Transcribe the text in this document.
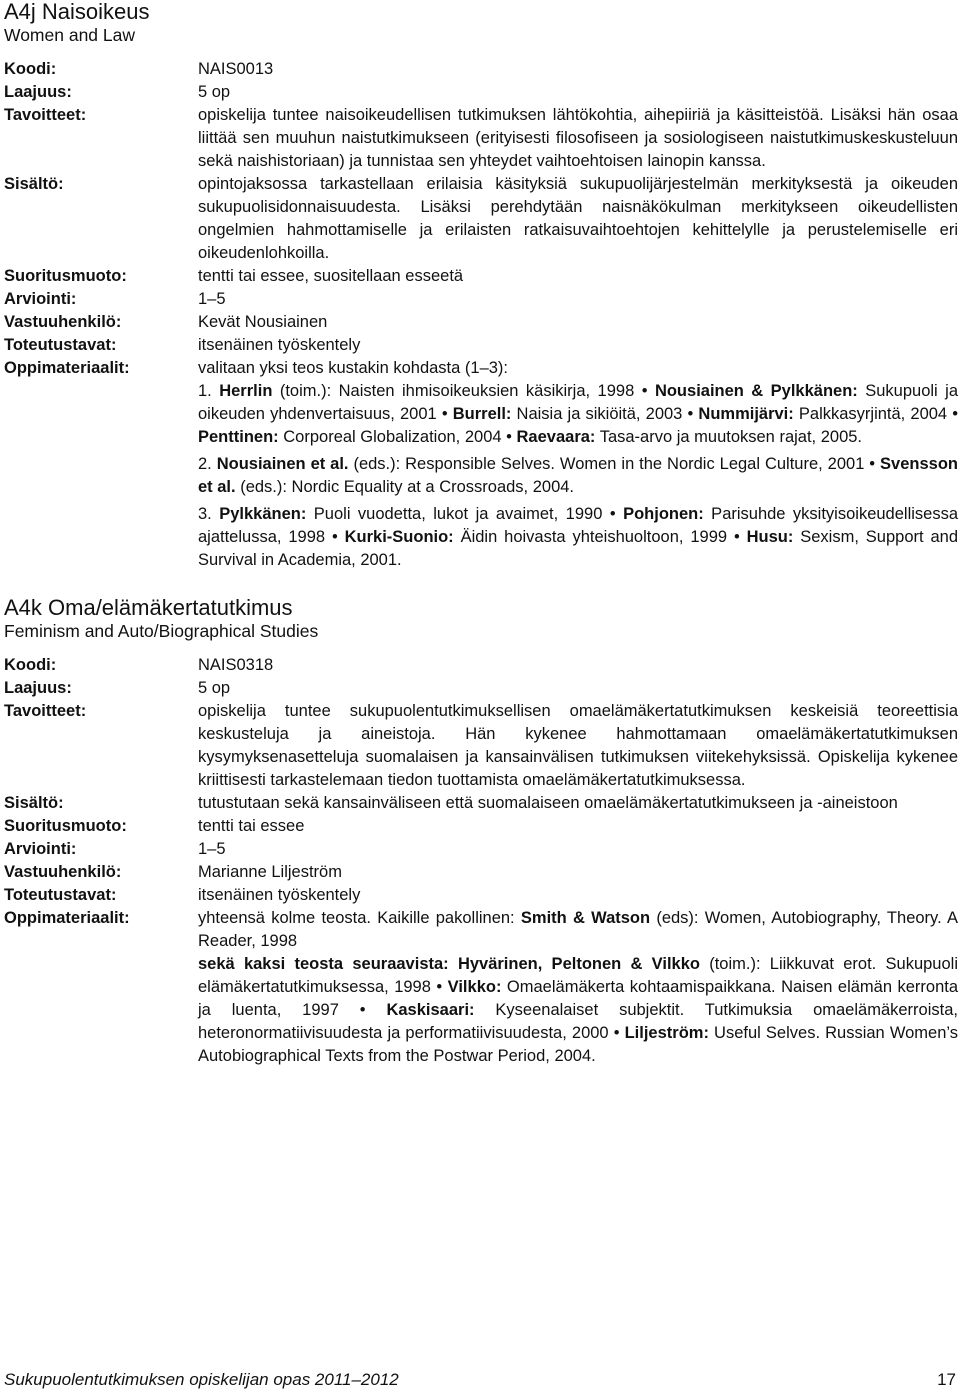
A4j Naisoikeus
Women and Law
Koodi:	NAIS0013
Laajuus:	5 op
Tavoitteet:	opiskelija tuntee naisoikeudellisen tutkimuksen lähtökohtia, aihepiiriä ja käsitteistöä. Lisäksi hän osaa liittää sen muuhun naistutkimukseen (erityisesti filosofiseen ja sosiologiseen naistutkimuskeskusteluun sekä naishistoriaan) ja tunnistaa sen yhteydet vaihtoehtoisen lainopin kanssa.
Sisältö:	opintojaksossa tarkastellaan erilaisia käsityksiä sukupuolijärjestelmän merkityksestä ja oikeuden sukupuolisidonnaisuudesta. Lisäksi perehdytään naisnäkökulman merkitykseen oikeudellisten ongelmien hahmottamiselle ja erilaisten ratkaisuvaihtoehtojen kehittelylle ja perustelemiselle eri oikeudenlohkoilla.
Suoritusmuoto:	tentti tai essee, suositellaan esseetä
Arviointi:	1–5
Vastuuhenkilö:	Kevät Nousiainen
Toteutustavat:	itsenäinen työskentely
Oppimateriaalit:	valitaan yksi teos kustakin kohdasta (1–3):
1. Herrlin (toim.): Naisten ihmisoikeuksien käsikirja, 1998 • Nousiainen & Pylkkänen: Sukupuoli ja oikeuden yhdenvertaisuus, 2001 • Burrell: Naisia ja sikiöitä, 2003 • Nummijärvi: Palkkasyrjintä, 2004 • Penttinen: Corporeal Globalization, 2004 • Raevaara: Tasa-arvo ja muutoksen rajat, 2005.
2. Nousiainen et al. (eds.): Responsible Selves. Women in the Nordic Legal Culture, 2001 • Svensson et al. (eds.): Nordic Equality at a Crossroads, 2004.
3. Pylkkänen: Puoli vuodetta, lukot ja avaimet, 1990 • Pohjonen: Parisuhde yksityisoikeudellisessa ajattelussa, 1998 • Kurki-Suonio: Äidin hoivasta yhteishuoltoon, 1999 • Husu: Sexism, Support and Survival in Academia, 2001.
A4k Oma/elämäkertatutkimus
Feminism and Auto/Biographical Studies
Koodi:	NAIS0318
Laajuus:	5 op
Tavoitteet:	opiskelija tuntee sukupuolentutkimuksellisen omaelämäkertatutkimuksen keskeisiä teoreettisia keskusteluja ja aineistoja. Hän kykenee hahmottamaan omaelämäkertatutkimuksen kysymyksenasetteluja suomalaisen ja kansainvälisen tutkimuksen viitekehyksissä. Opiskelija kykenee kriittisesti tarkastelemaan tiedon tuottamista omaelämäkertatutkimuksessa.
Sisältö:	tutustutaan sekä kansainväliseen että suomalaiseen omaelämäkertatutkimukseen ja -aineistoon
Suoritusmuoto:	tentti tai essee
Arviointi:	1–5
Vastuuhenkilö:	Marianne Liljeström
Toteutustavat:	itsenäinen työskentely
Oppimateriaalit:	yhteensä kolme teosta. Kaikille pakollinen: Smith & Watson (eds): Women, Autobiography, Theory. A Reader, 1998
sekä kaksi teosta seuraavista: Hyvärinen, Peltonen & Vilkko (toim.): Liikkuvat erot. Sukupuoli elämäkertatutkimuksessa, 1998 • Vilkko: Omaelämäkerta kohtaamispaikkana. Naisen elämän kerronta ja luenta, 1997 • Kaskisaari: Kyseenalaiset subjektit. Tutkimuksia omaelämäkerroista, heteronormatiivisuudesta ja performatiivisuudesta, 2000 • Liljeström: Useful Selves. Russian Women’s Autobiographical Texts from the Postwar Period, 2004.
Sukupuolentutkimuksen opiskelijan opas 2011–2012	17
